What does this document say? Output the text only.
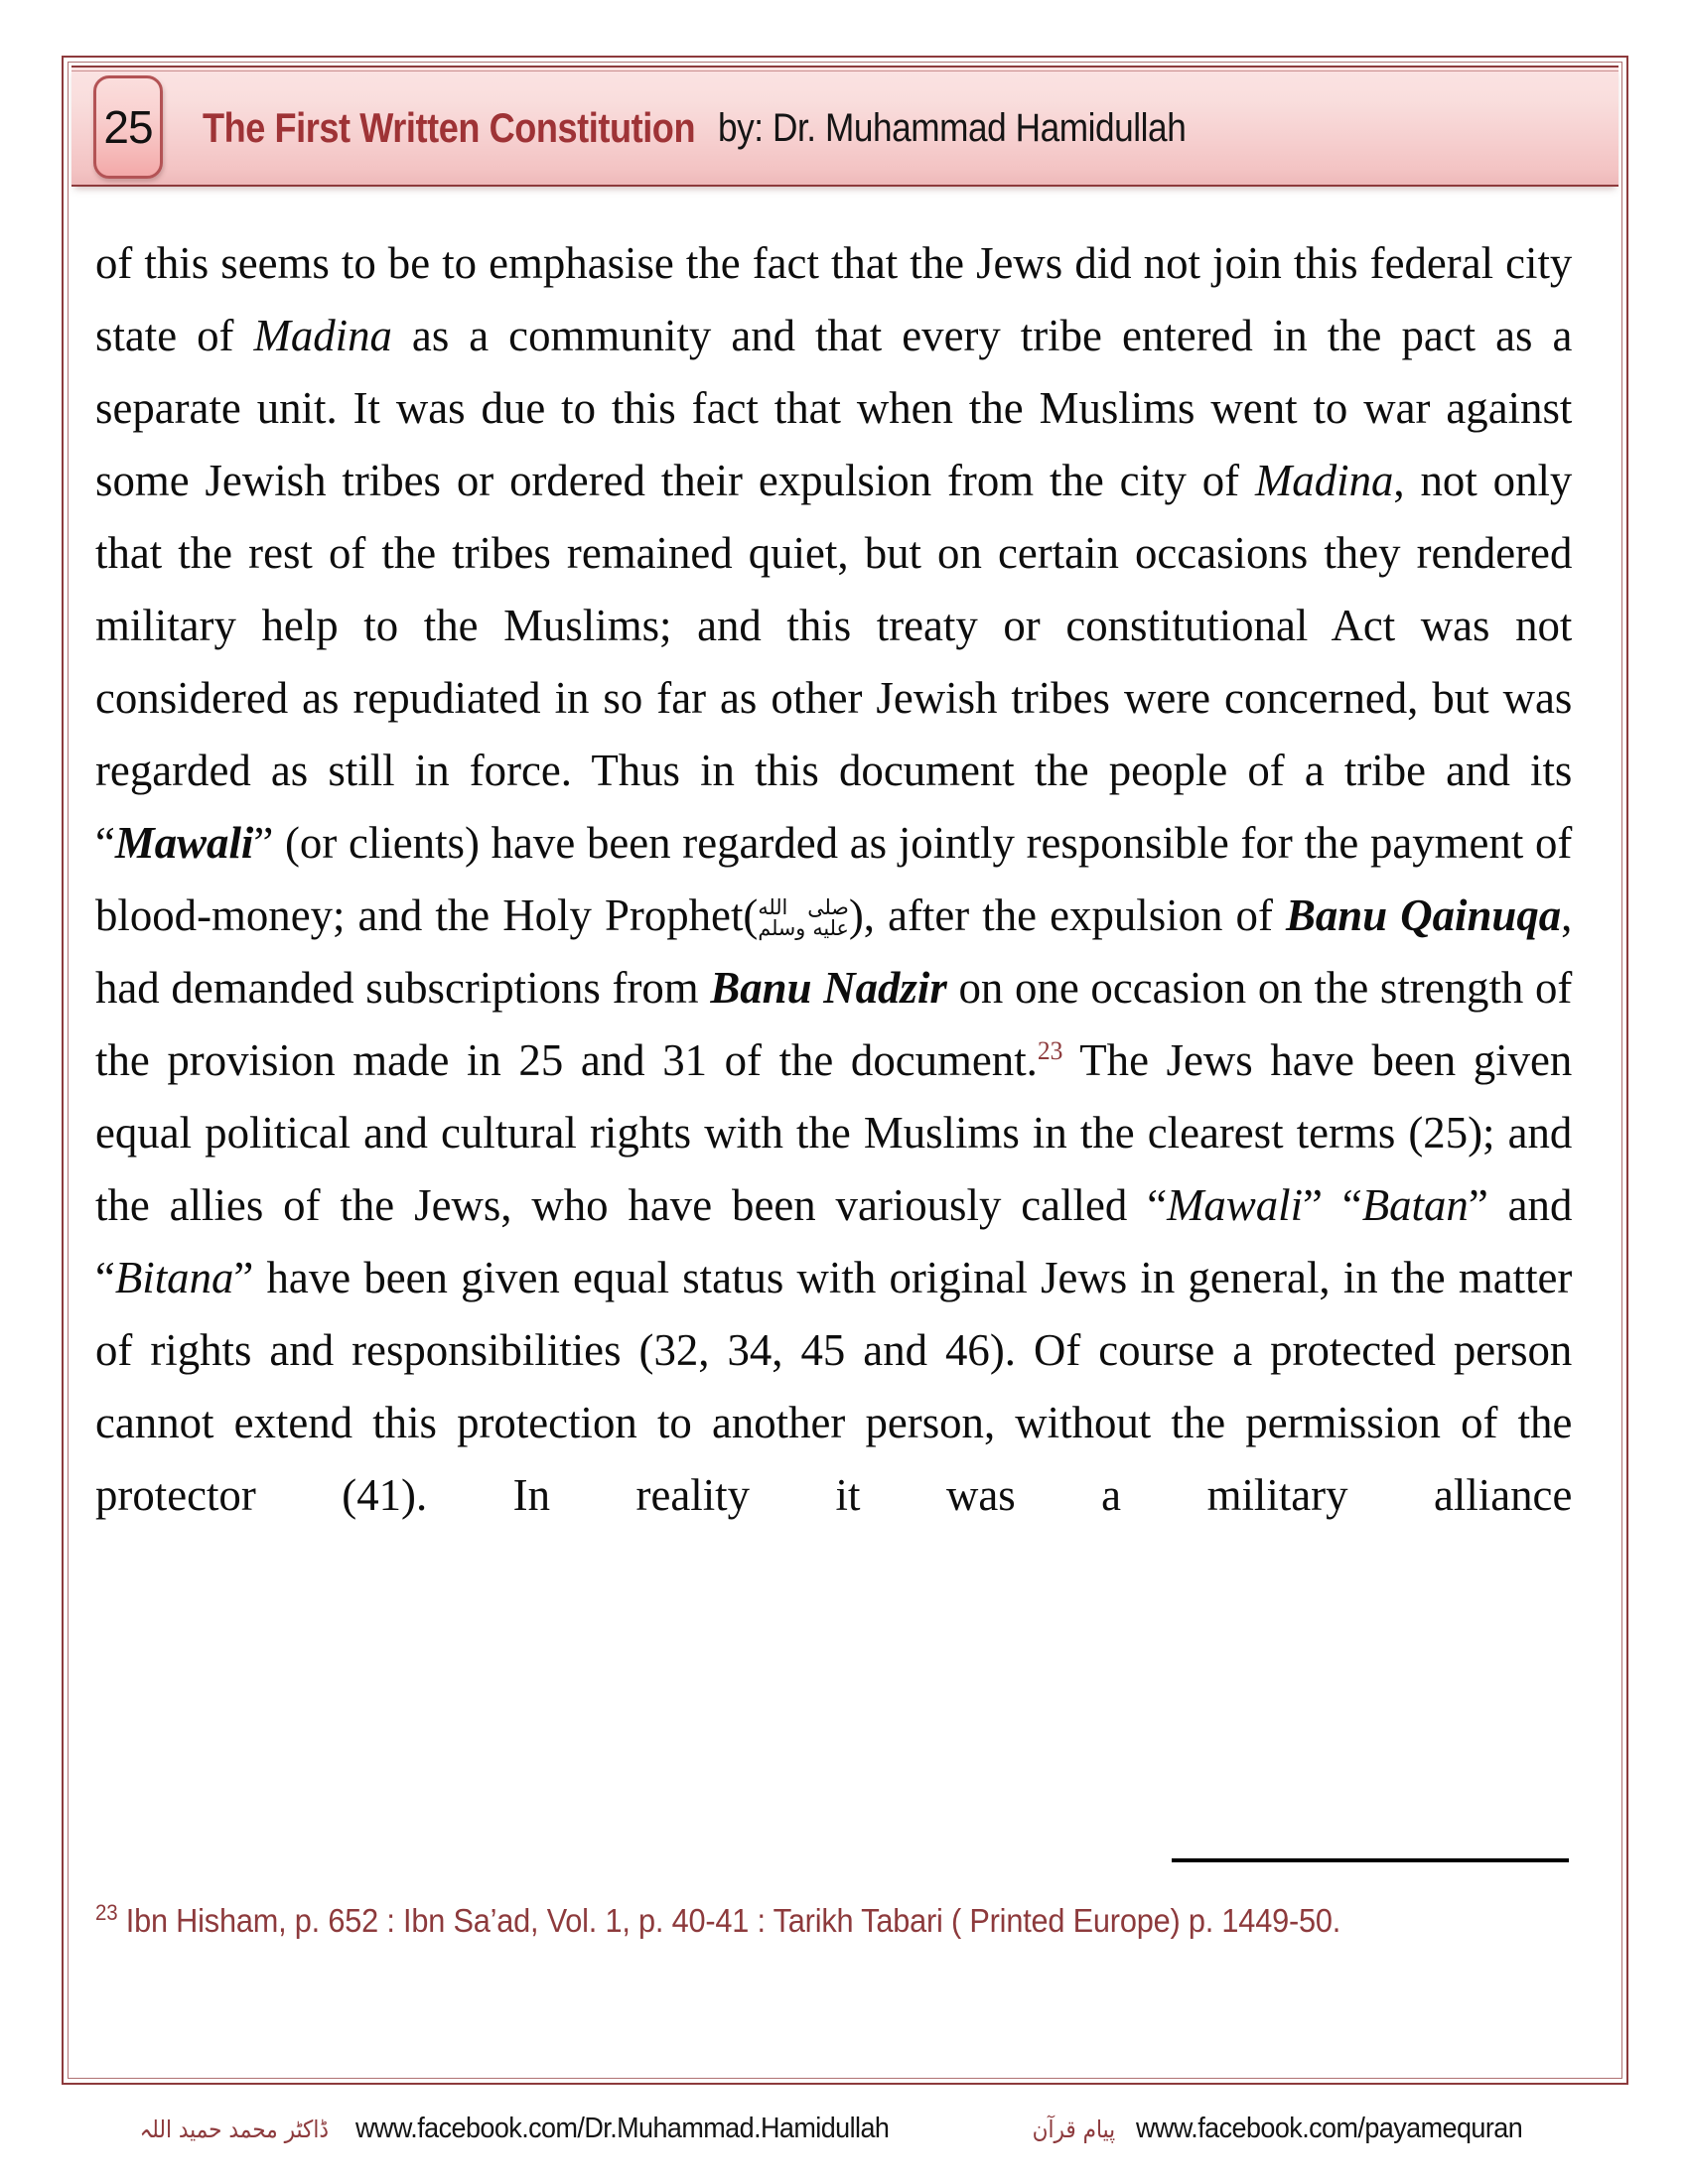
25 The First Written Constitution by: Dr. Muhammad Hamidullah
of this seems to be to emphasise the fact that the Jews did not join this federal city state of Madina as a community and that every tribe entered in the pact as a separate unit. It was due to this fact that when the Muslims went to war against some Jewish tribes or ordered their expulsion from the city of Madina, not only that the rest of the tribes remained quiet, but on certain occasions they rendered military help to the Muslims; and this treaty or constitutional Act was not considered as repudiated in so far as other Jewish tribes were concerned, but was regarded as still in force. Thus in this document the people of a tribe and its “Mawali” (or clients) have been regarded as jointly responsible for the payment of blood-money; and the Holy Prophet( صلى الله
عليه وسلم ), after the expulsion of Banu Qainuqa, had demanded subscriptions from Banu Nadzir on one occasion on the strength of the provision made in 25 and 31 of the document.$^{23}$ The Jews have been given equal political and cultural rights with the Muslims in the clearest terms (25); and the allies of the Jews, who have been variously called “Mawali” “Batan” and “Bitana” have been given equal status with original Jews in general, in the matter of rights and responsibilities (32, 34, 45 and 46). Of course a protected person cannot extend this protection to another person, without the permission of the protector (41). In reality it was a military alliance
$^{23}$ Ibn Hisham, p. 652 : Ibn Sa’ad, Vol. 1, p. 40-41 : Tarikh Tabari ( Printed Europe) p. 1449-50.
ڈاکٹر محمد حمید اللہ www.facebook.com/Dr.Muhammad.Hamidullah	پیام قرآن www.facebook.com/payamequran
